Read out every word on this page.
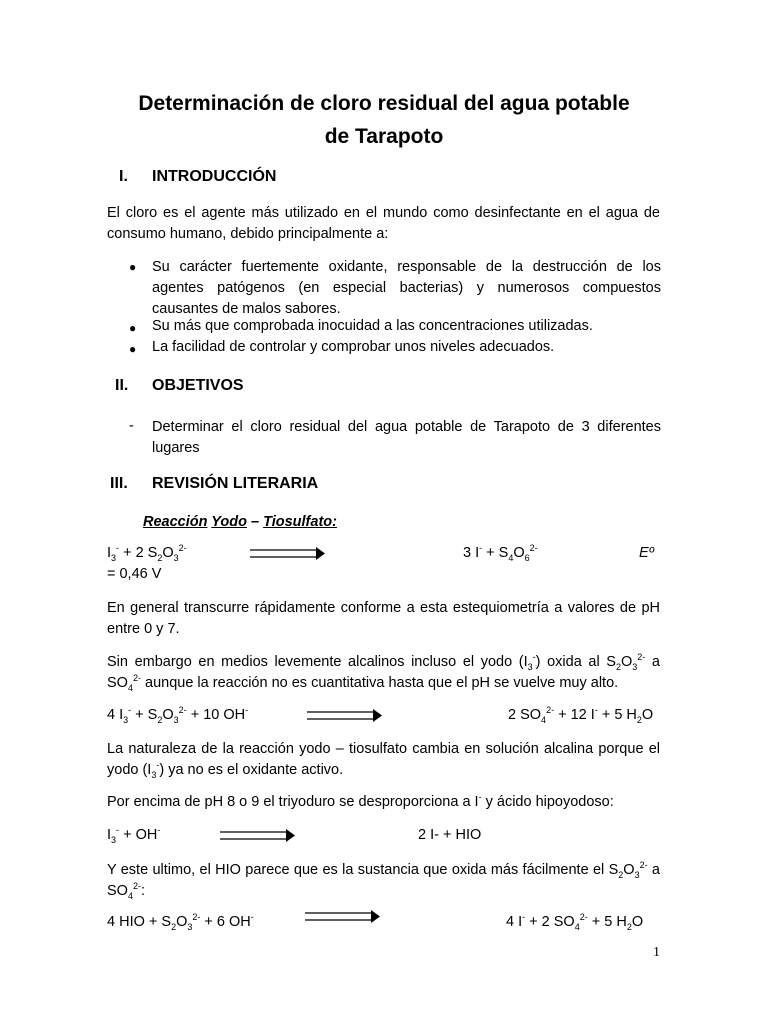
Determinación de cloro residual del agua potable
de Tarapoto
I. INTRODUCCIÓN
El cloro es el agente más utilizado en el mundo como desinfectante en el agua de consumo humano, debido principalmente a:
● Su carácter fuertemente oxidante, responsable de la destrucción de los agentes patógenos (en especial bacterias) y numerosos compuestos causantes de malos sabores.
● Su más que comprobada inocuidad a las concentraciones utilizadas.
● La facilidad de controlar y comprobar unos niveles adecuados.
II. OBJETIVOS
- Determinar el cloro residual del agua potable de Tarapoto de 3 diferentes lugares
III. REVISIÓN LITERARIA
Reacción Yodo – Tiosulfato:
$I_3^- + 2$ $S_2O_3^{2-}$	3 $I^- + S_4O_6^{2-}$	Eº
= 0,46 V
En general transcurre rápidamente conforme a esta estequiometría a valores de pH entre 0 y 7.
Sin embargo en medios levemente alcalinos incluso el yodo $(I_3^-)$ oxida al $S_2O_3^{2-}$ a $SO_4^{2-}$ aunque la reacción no es cuantitativa hasta que el pH se vuelve muy alto.
4 $I_3^- + S_2O_3^{2-} + 10$ OH-	2 $SO_4^{2-} + 12$ I- + 5 $H_2O$
La naturaleza de la reacción yodo – tiosulfato cambia en solución alcalina porque el yodo $(I_3^-)$ ya no es el oxidante activo.
Por encima de pH 8 o 9 el triyoduro se desproporciona a I- y ácido hipoyodoso:
$I_3^- + OH^-$	2 I- + HIO
Y este ultimo, el HIO parece que es la sustancia que oxida más fácilmente el $S_2O_3^{2-}$ a $SO_4^{2-}$:
4 HIO + $S_2O_3^{2-} + 6$ OH-	4 I- + 2 $SO_4^{2-} + 5$ $H_2O$
1
